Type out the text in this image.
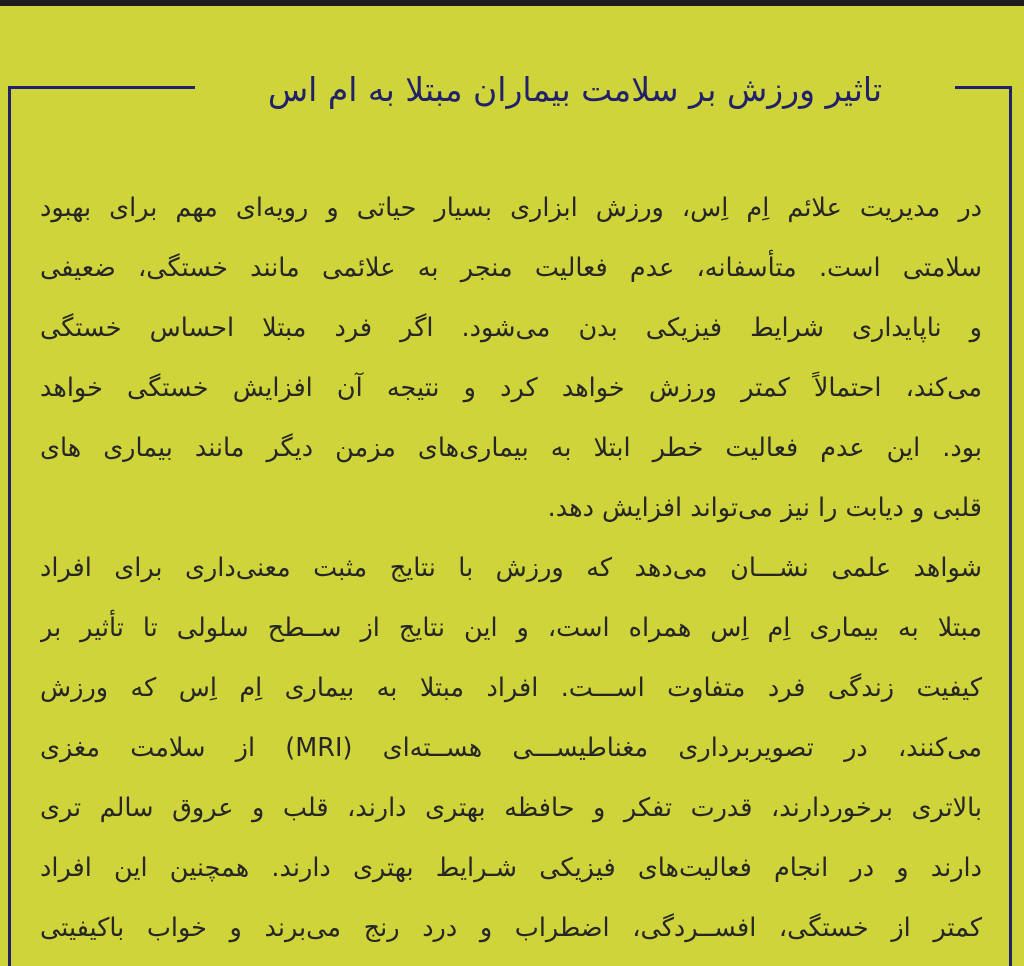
تاثیر ورزش بر سلامت بیماران مبتلا به ام اس
در مدیریت علائم اِم اِس، ورزش ابزاری بسیار حیاتی و رویه‌ای مهم برای بهبود
سلامتی است. متأسفانه، عدم فعالیت منجر به علائمی مانند خستگی، ضعیفی
و ناپایداری شرایط فیزیکی بدن می‌شود. اگر فرد مبتلا احساس خستگی
می‌کند، احتمالاً کمتر ورزش خواهد کرد و نتیجه آن افزایش خستگی خواهد
بود. این عدم فعالیت خطر ابتلا به بیماری‌های مزمن دیگر مانند بیماری های
قلبی و دیابت را نیز می‌تواند افزایش دهد.
شواهد علمی نشـــان می‌دهد که ورزش با نتایج مثبت معنی‌داری برای افراد
مبتلا به بیماری اِم اِس همراه است، و این نتایج از ســطح سلولی تا تأثیر بر
کیفیت زندگی فرد متفاوت اســـت. افراد مبتلا به بیماری اِم اِس که ورزش
می‌کنند، در تصویربرداری مغناطیســـی هســته‌ای (MRI) از سلامت مغزی
بالاتری برخوردارند، قدرت تفکر و حافظه بهتری دارند، قلب و عروق سالم تری
دارند و در انجام فعالیت‌های فیزیکی شـرایط بهتری دارند. همچنین این افراد
کمتر از خستگی، افســردگی، اضطراب و درد رنج می‌برند و خواب باکیفیتی
